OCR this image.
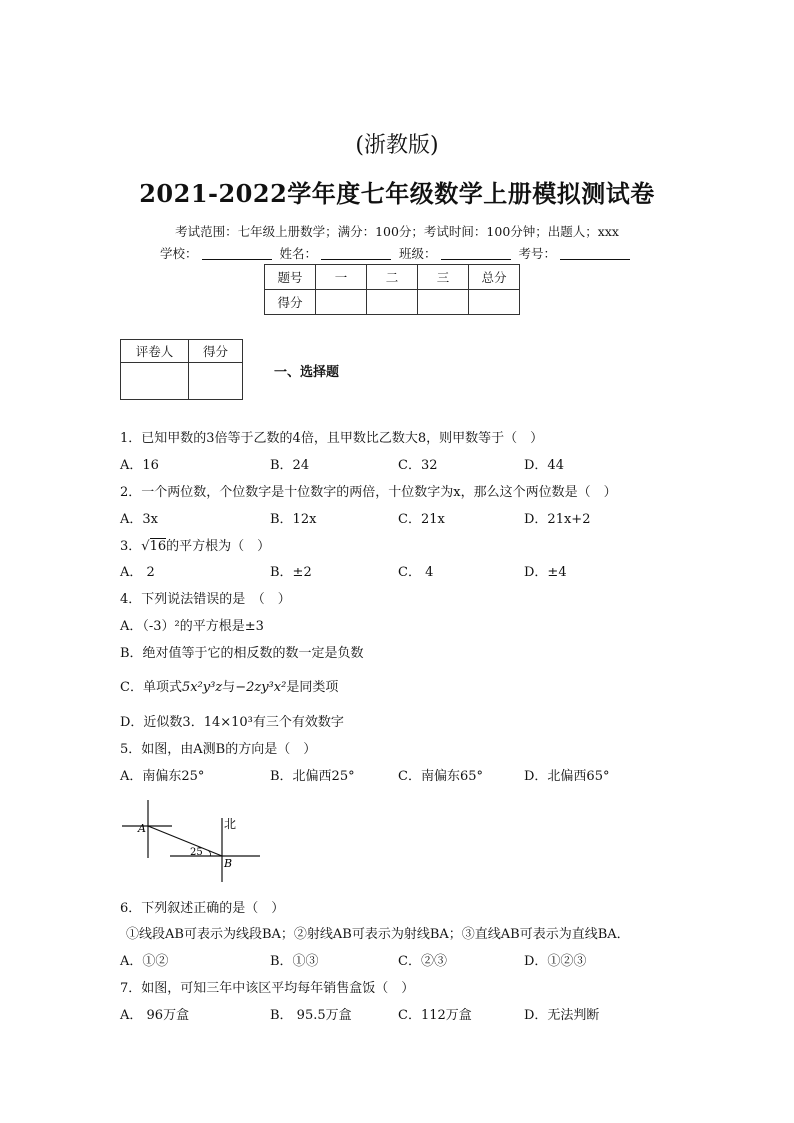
(浙教版)
2021-2022学年度七年级数学上册模拟测试卷
考试范围：七年级上册数学；满分：100分；考试时间：100分钟；出题人；xxx
学校：	姓名：	班级：	考号：
题号	一	二	三	总分
得分				
评卷人	得分

一、选择题
1．已知甲数的3倍等于乙数的4倍，且甲数比乙数大8，则甲数等于（　）
A．16	B．24	C．32	D．44
2．一个两位数，个位数字是十位数字的两倍，十位数字为x，那么这个两位数是（　）
A．3x	B．12x	C．21x	D．21x+2
3．√16的平方根为（　）
A． 2	B．±2	C． 4	D．±4
4．下列说法错误的是　（　）
A．（-3）²的平方根是±3
B．绝对值等于它的相反数的数一定是负数
C．单项式5x²y³z与−2zy³x²是同类项
D．近似数3．14×10³有三个有效数字
5．如图，由A测B的方向是（　）
A．南偏东25°	B．北偏西25°	C．南偏东65°	D．北偏西65°
A
B
北
25
6．下列叙述正确的是（　）
①线段AB可表示为线段BA；②射线AB可表示为射线BA；③直线AB可表示为直线BA．
A．①②	B．①③	C．②③	D．①②③
7．如图，可知三年中该区平均每年销售盒饭（　）
A． 96万盒	B． 95.5万盒	C．112万盒	D．无法判断
